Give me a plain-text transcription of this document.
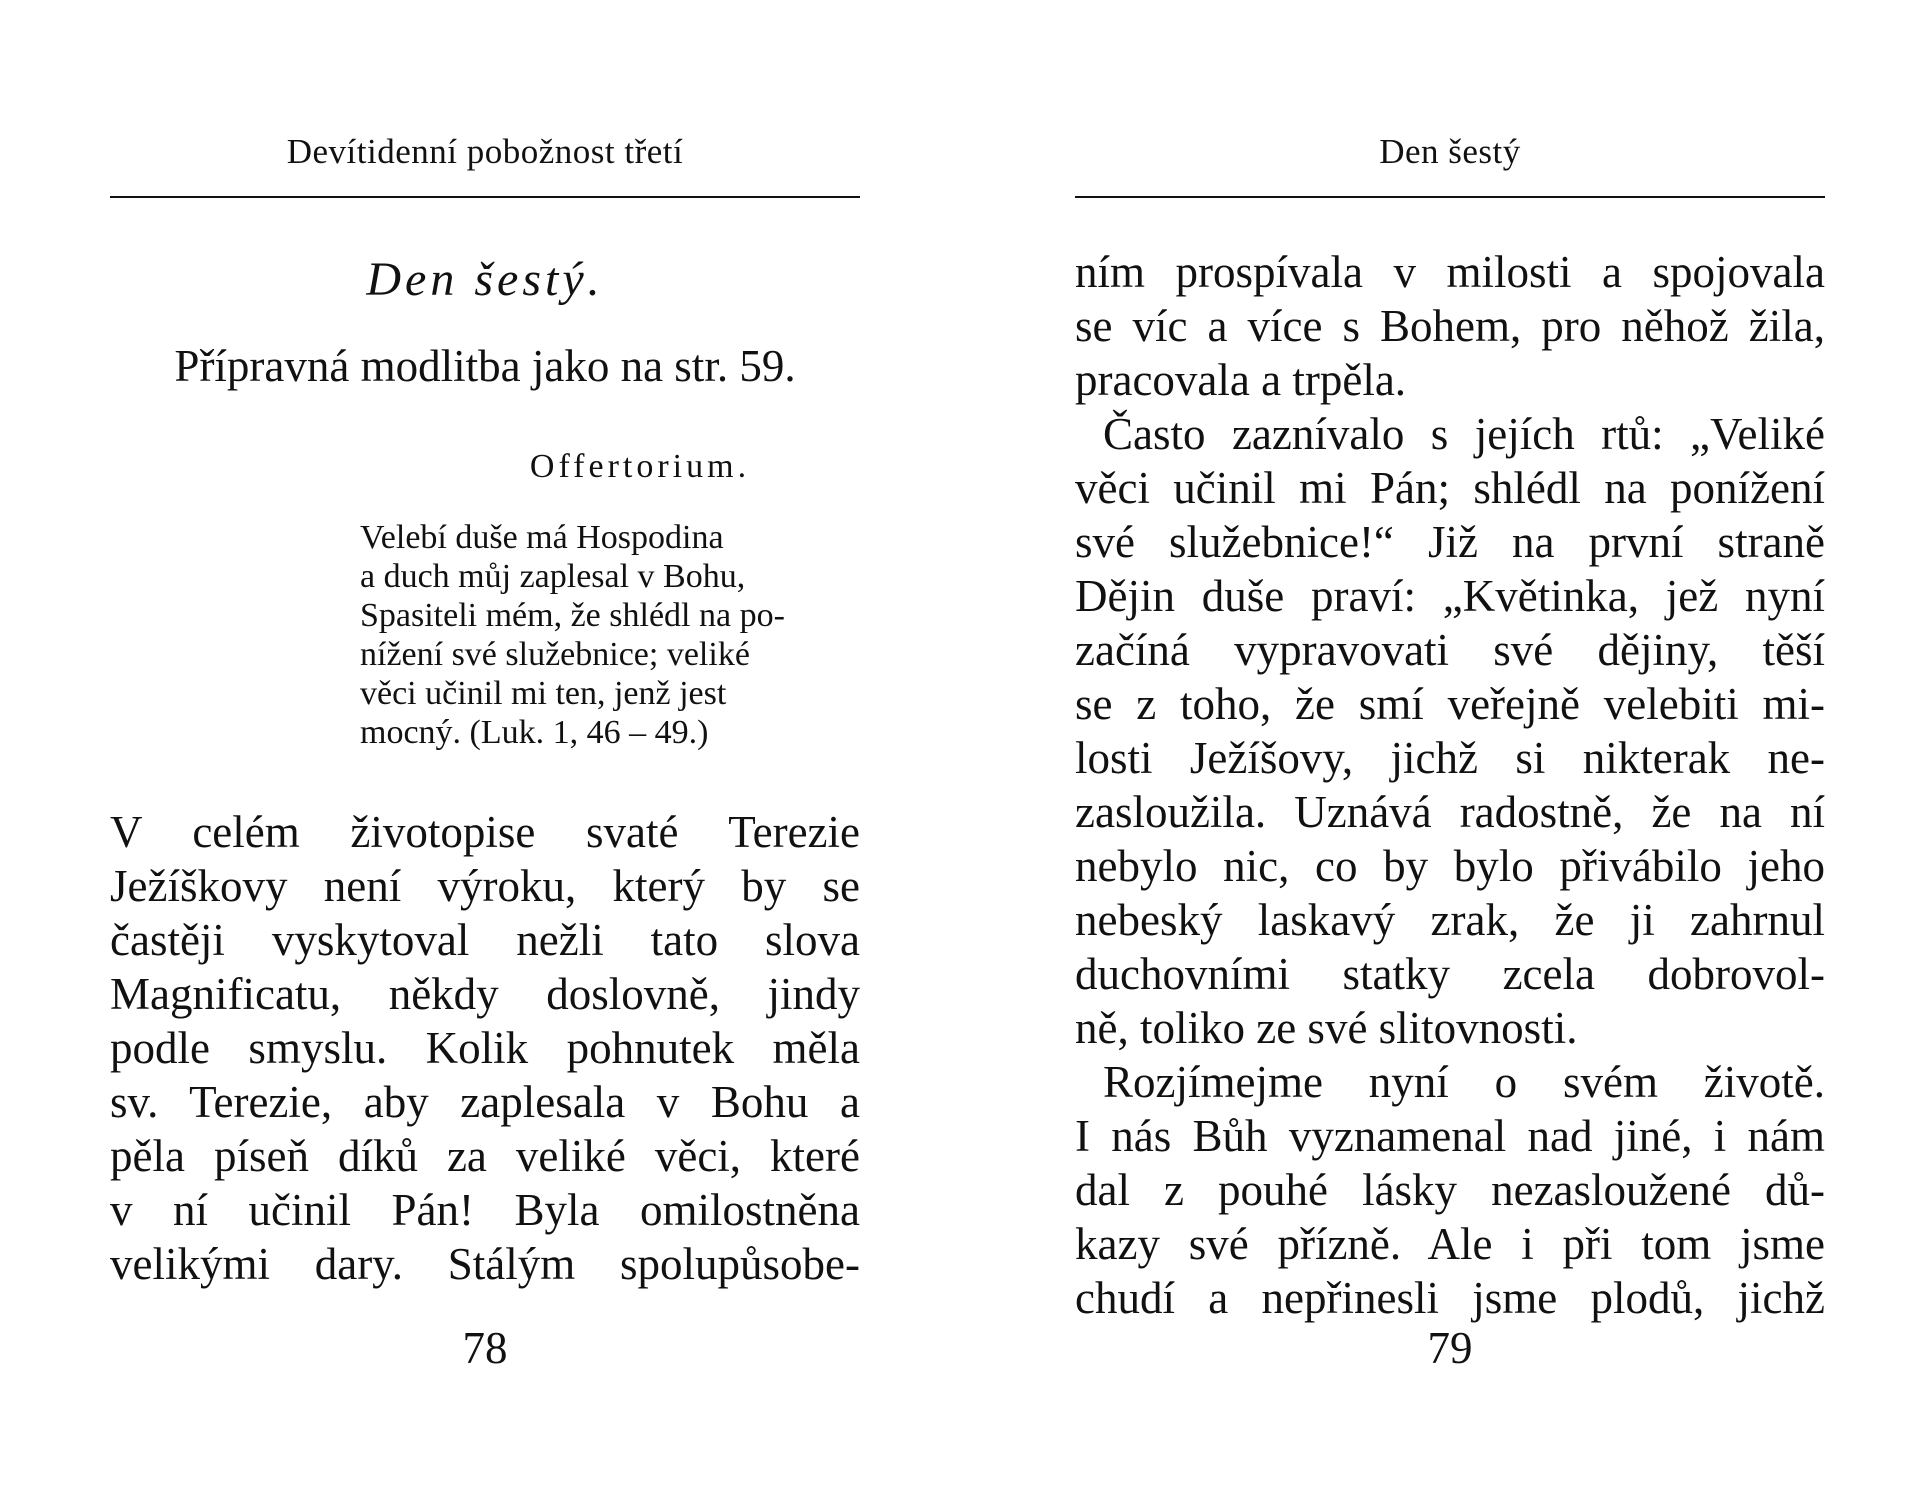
Devítidenní pobožnost třetí
Den šestý.
Přípravná modlitba jako na str. 59.
Offertorium.
Velebí duše má Hospodina
a duch můj zaplesal v Bohu,
Spasiteli mém, že shlédl na po-
nížení své služebnice; veliké
věci učinil mi ten, jenž jest
mocný. (Luk. 1, 46 – 49.)
V celém životopise svaté Terezie
Ježíškovy není výroku, který by se
častěji vyskytoval nežli tato slova
Magnificatu, někdy doslovně, jindy
podle smyslu. Kolik pohnutek měla
sv. Terezie, aby zaplesala v Bohu a
pěla píseň díků za veliké věci, které
v ní učinil Pán! Byla omilostněna
velikými dary. Stálým spolupůsobe-
78
Den šestý
ním prospívala v milosti a spojovala
se víc a více s Bohem, pro něhož žila,
pracovala a trpěla.
Často zaznívalo s jejích rtů: „Veliké
věci učinil mi Pán; shlédl na ponížení
své služebnice!“ Již na první straně
Dějin duše praví: „Květinka, jež nyní
začíná vypravovati své dějiny, těší
se z toho, že smí veřejně velebiti mi-
losti Ježíšovy, jichž si nikterak ne-
zasloužila. Uznává radostně, že na ní
nebylo nic, co by bylo přivábilo jeho
nebeský laskavý zrak, že ji zahrnul
duchovními statky zcela dobrovol-
ně, toliko ze své slitovnosti.
Rozjímejme nyní o svém životě.
I nás Bůh vyznamenal nad jiné, i nám
dal z pouhé lásky nezasloužené dů-
kazy své přízně. Ale i při tom jsme
chudí a nepřinesli jsme plodů, jichž
79
